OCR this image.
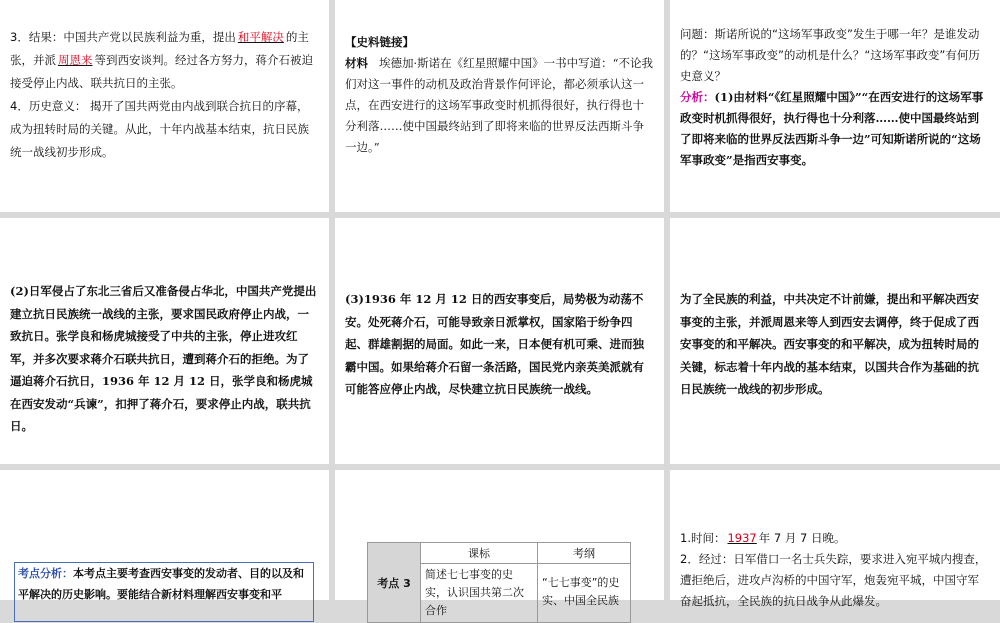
3．结果：中国共产党以民族利益为重，提出 和平解决 的主张，并派 周恩来 等到西安谈判。经过各方努力，蒋介石被迫接受停止内战、联共抗日的主张。

4．历史意义： 揭开了国共两党由内战到联合抗日的序幕，成为扭转时局的关键。从此，十年内战基本结束，抗日民族统一战线初步形成。

【史料链接】

材料 埃德加·斯诺在《红星照耀中国》一书中写道：“不论我们对这一事件的动机及政治背景作何评论，都必须承认这一点，在西安进行的这场军事政变时机抓得很好，执行得也十分利落……使中国最终站到了即将来临的世界反法西斯斗争一边。”

问题：斯诺所说的“这场军事政变”发生于哪一年？是谁发动的？“这场军事政变”的动机是什么？“这场军事政变”有何历史意义？

分析：(1)由材料“《红星照耀中国》”“在西安进行的这场军事政变时机抓得很好，执行得也十分利落……使中国最终站到了即将来临的世界反法西斯斗争一边”可知斯诺所说的“这场军事政变”是指西安事变。

(2)日军侵占了东北三省后又准备侵占华北，中国共产党提出建立抗日民族统一战线的主张，要求国民政府停止内战，一致抗日。张学良和杨虎城接受了中共的主张，停止进攻红军，并多次要求蒋介石联共抗日，遭到蒋介石的拒绝。为了逼迫蒋介石抗日，1936 年 12 月 12 日，张学良和杨虎城在西安发动“兵谏”，扣押了蒋介石，要求停止内战，联共抗日。

(3)1936 年 12 月 12 日的西安事变后，局势极为动荡不安。处死蒋介石，可能导致亲日派掌权，国家陷于纷争四起、群雄割据的局面。如此一来，日本便有机可乘、进而独霸中国。如果给蒋介石留一条活路，国民党内亲英美派就有可能答应停止内战，尽快建立抗日民族统一战线。

为了全民族的利益，中共决定不计前嫌，提出和平解决西安事变的主张，并派周恩来等人到西安去调停，终于促成了西安事变的和平解决。西安事变的和平解决，成为扭转时局的关键，标志着十年内战的基本结束，以国共合作为基础的抗日民族统一战线的初步形成。

考点分析：本考点主要考查西安事变的发动者、目的以及和平解决的历史影响。要能结合新材料理解西安事变和平
考点 3	课标	考纲
	简述七七事变的史实，认识国共第二次合作	“七七事变”的史实、中国全民族

1.时间： 1937 年 7 月 7 日晚。

2．经过：日军借口一名士兵失踪，要求进入宛平城内搜查，遭拒绝后，进攻卢沟桥的中国守军，炮轰宛平城，中国守军奋起抵抗，全民族的抗日战争从此爆发。
